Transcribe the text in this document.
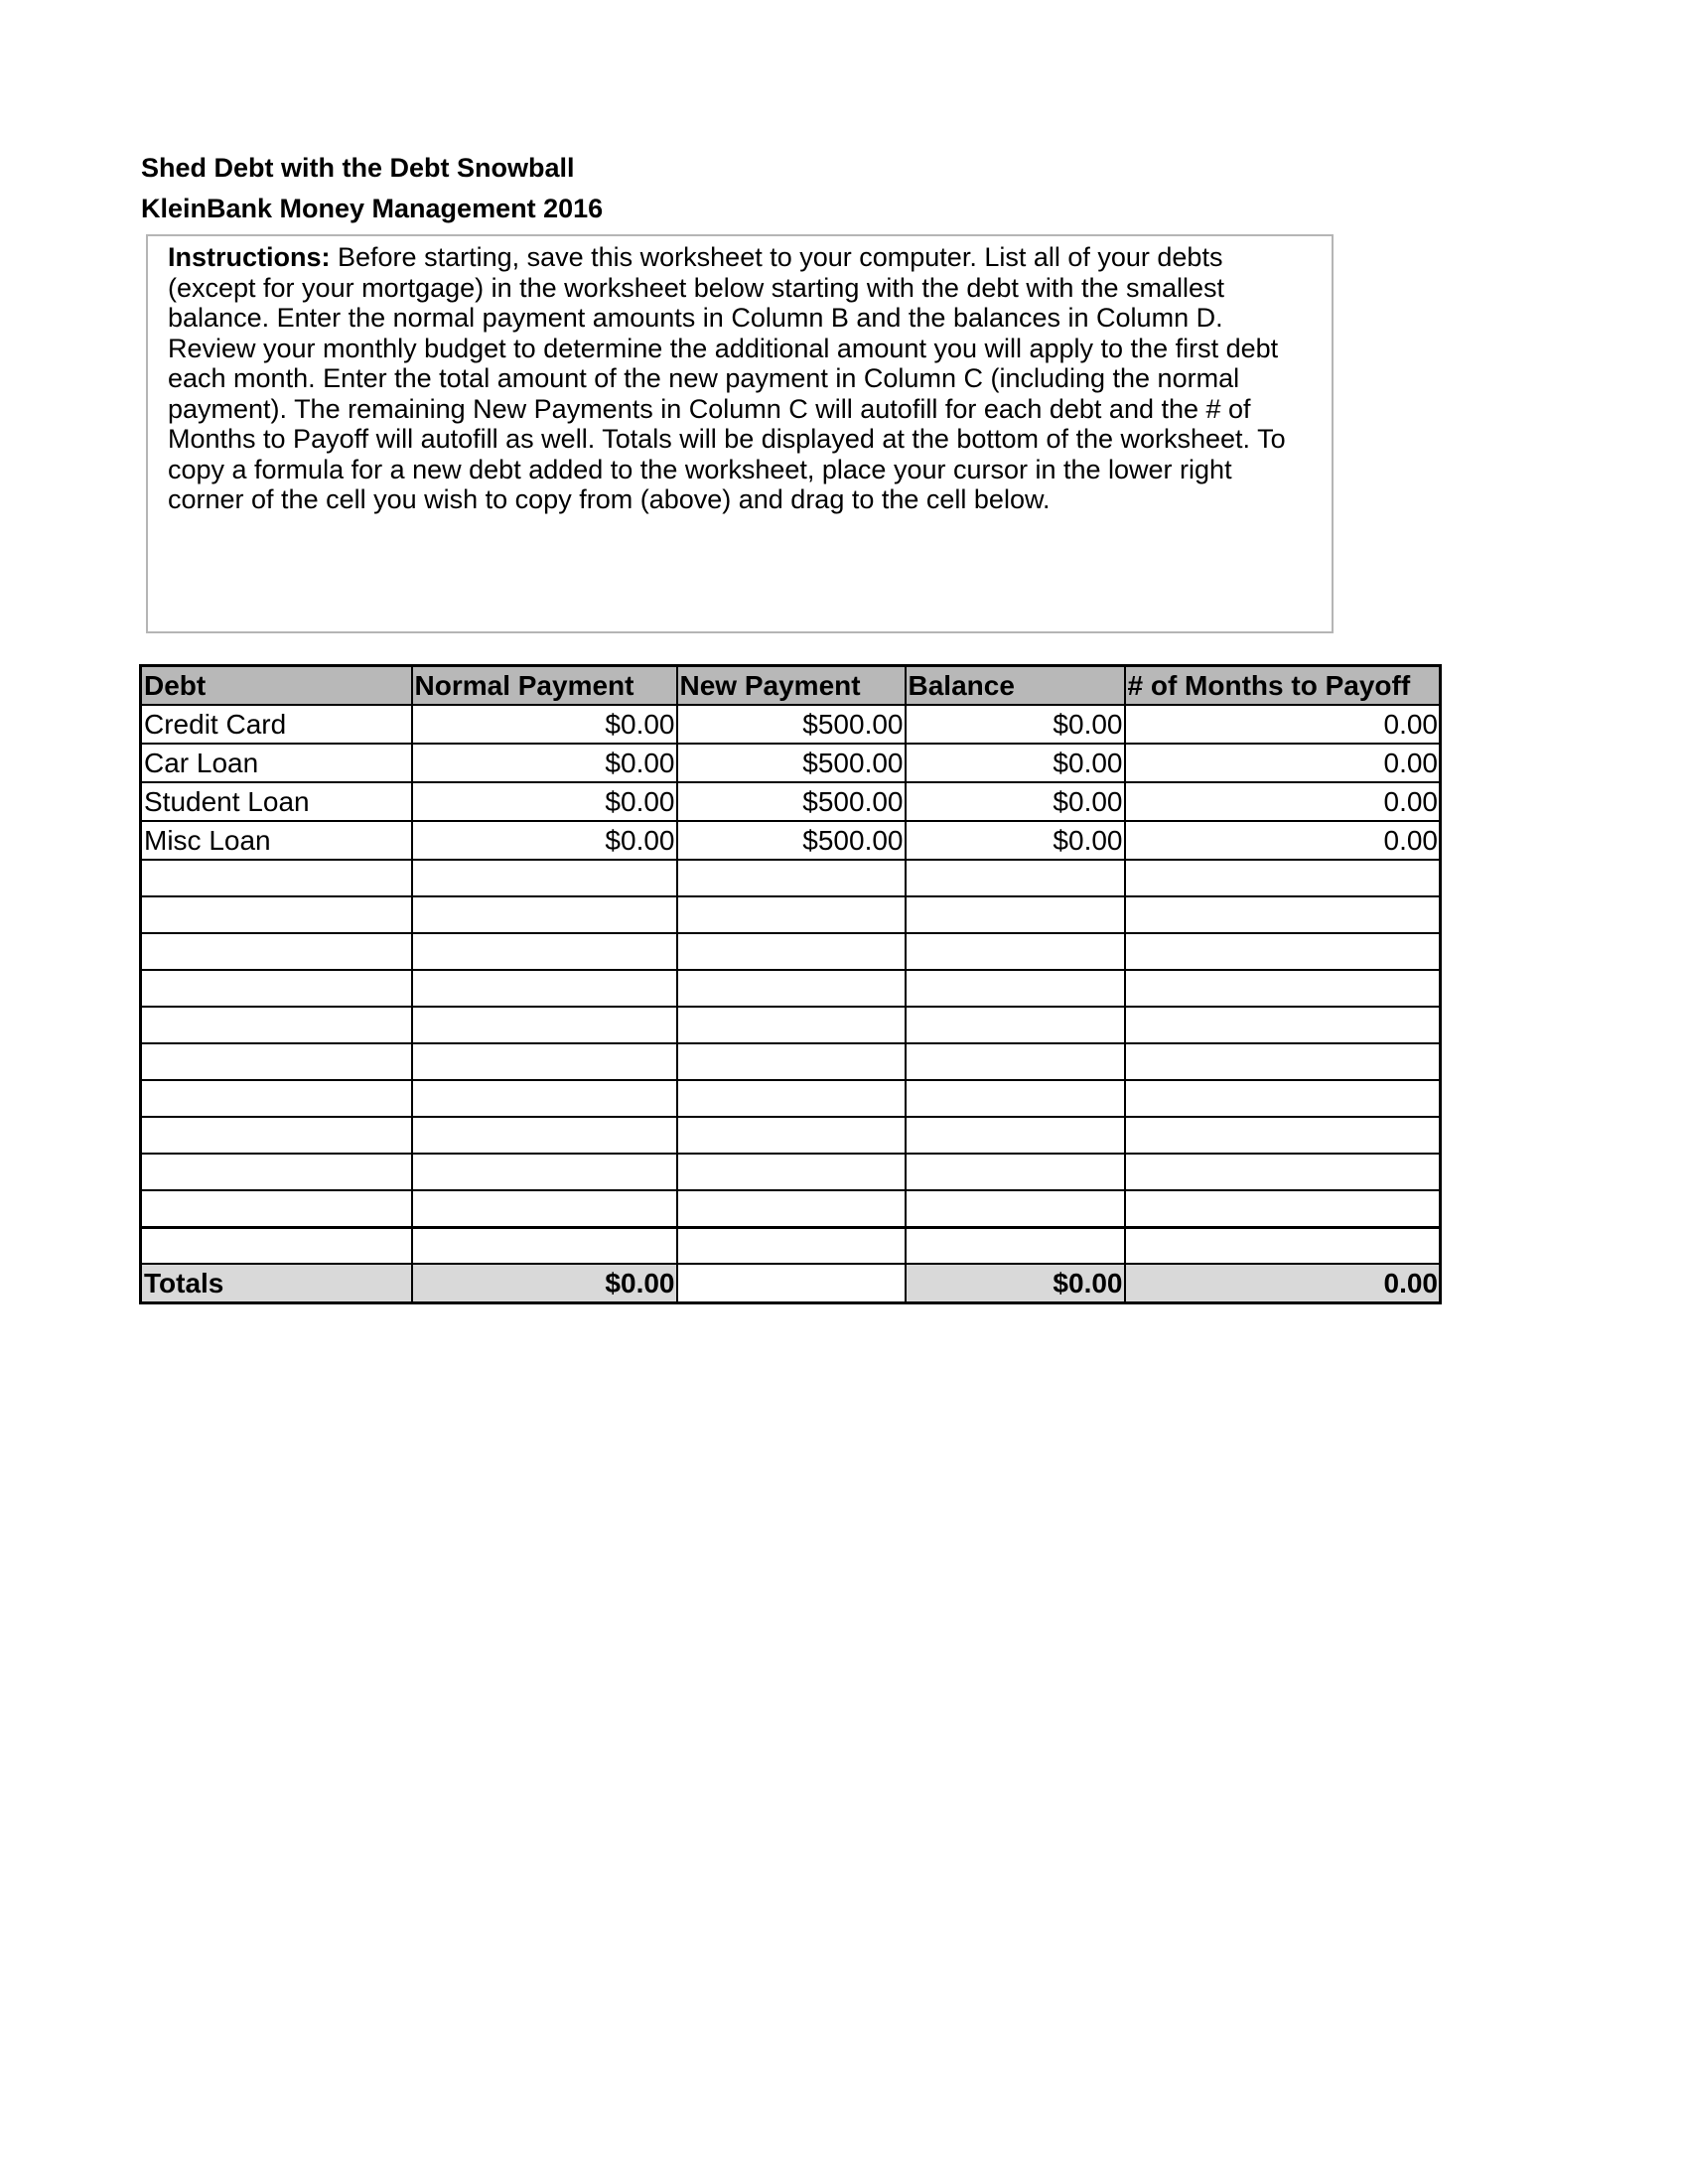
Shed Debt with the Debt Snowball
KleinBank Money Management 2016
Instructions: Before starting, save this worksheet to your computer. List all of your debts (except for your mortgage) in the worksheet below starting with the debt with the smallest balance. Enter the normal payment amounts in Column B and the balances in Column D. Review your monthly budget to determine the additional amount you will apply to the first debt each month. Enter the total amount of the new payment in Column C (including the normal payment). The remaining New Payments in Column C will autofill for each debt and the # of Months to Payoff will autofill as well. Totals will be displayed at the bottom of the worksheet. To copy a formula for a new debt added to the worksheet, place your cursor in the lower right corner of the cell you wish to copy from (above) and drag to the cell below.
Debt	Normal Payment	New Payment	Balance	# of Months to Payoff
Credit Card	$0.00	$500.00	$0.00	0.00
Car Loan	$0.00	$500.00	$0.00	0.00
Student Loan	$0.00	$500.00	$0.00	0.00
Misc Loan	$0.00	$500.00	$0.00	0.00

Totals	$0.00		$0.00	0.00
